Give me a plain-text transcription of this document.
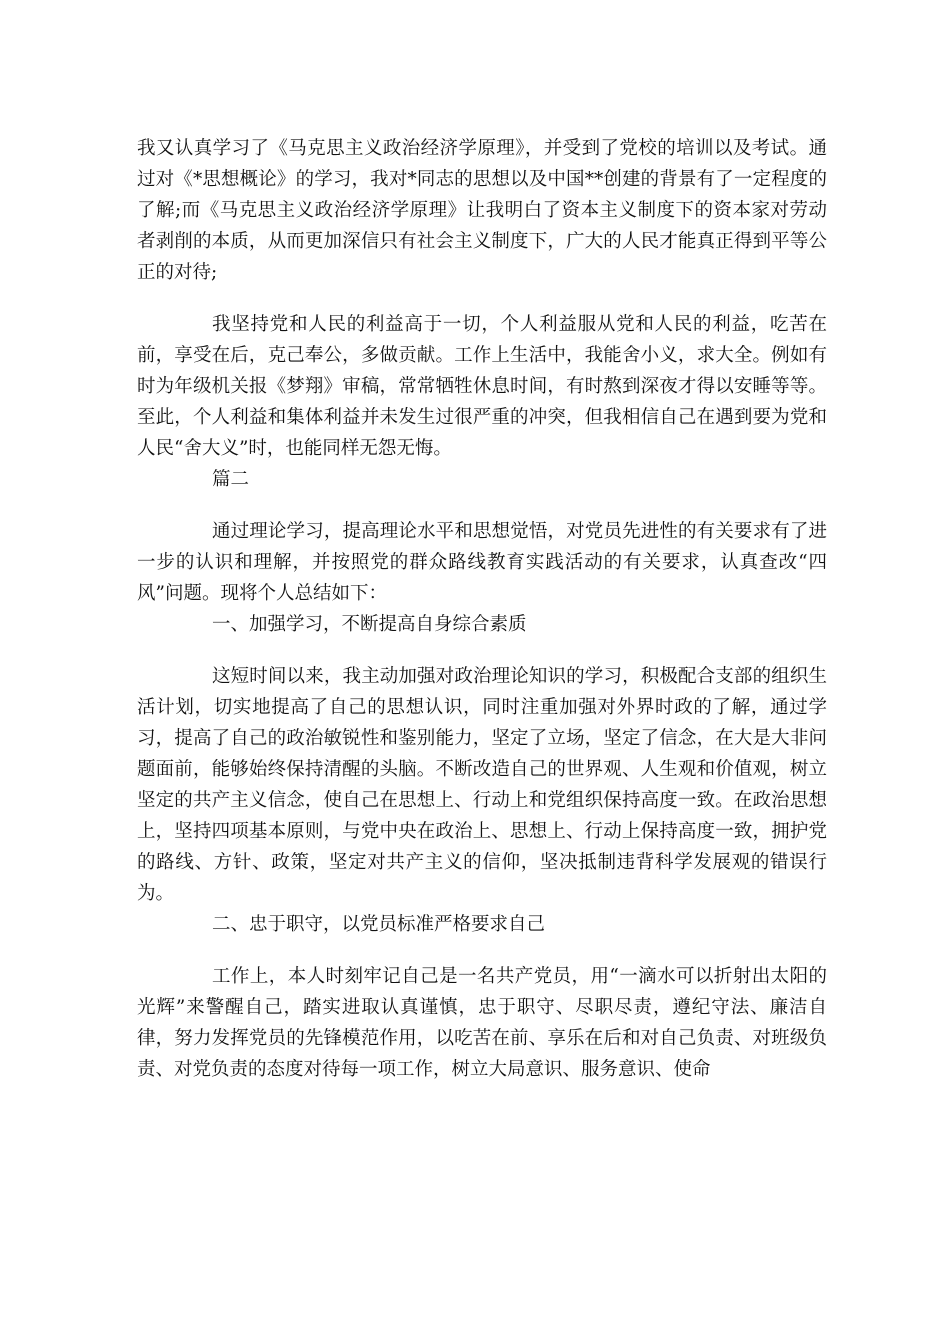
我又认真学习了《马克思主义政治经济学原理》，并受到了党校的培训以及考试。通过对《*思想概论》的学习，我对*同志的思想以及中国**创建的背景有了一定程度的了解;而《马克思主义政治经济学原理》让我明白了资本主义制度下的资本家对劳动者剥削的本质，从而更加深信只有社会主义制度下，广大的人民才能真正得到平等公正的对待;

我坚持党和人民的利益高于一切，个人利益服从党和人民的利益，吃苦在前，享受在后，克己奉公，多做贡献。工作上生活中，我能舍小义，求大全。例如有时为年级机关报《梦翔》审稿，常常牺牲休息时间，有时熬到深夜才得以安睡等等。至此，个人利益和集体利益并未发生过很严重的冲突，但我相信自己在遇到要为党和人民“舍大义”时，也能同样无怨无悔。

篇二

通过理论学习，提高理论水平和思想觉悟，对党员先进性的有关要求有了进一步的认识和理解，并按照党的群众路线教育实践活动的有关要求，认真查改“四风”问题。现将个人总结如下：

一、加强学习，不断提高自身综合素质

这短时间以来，我主动加强对政治理论知识的学习，积极配合支部的组织生活计划，切实地提高了自己的思想认识，同时注重加强对外界时政的了解，通过学习，提高了自己的政治敏锐性和鉴别能力，坚定了立场，坚定了信念，在大是大非问题面前，能够始终保持清醒的头脑。不断改造自己的世界观、人生观和价值观，树立坚定的共产主义信念，使自己在思想上、行动上和党组织保持高度一致。在政治思想上，坚持四项基本原则，与党中央在政治上、思想上、行动上保持高度一致，拥护党的路线、方针、政策，坚定对共产主义的信仰，坚决抵制违背科学发展观的错误行为。

二、忠于职守，以党员标准严格要求自己

工作上，本人时刻牢记自己是一名共产党员，用“一滴水可以折射出太阳的光辉”来警醒自己，踏实进取认真谨慎，忠于职守、尽职尽责，遵纪守法、廉洁自律，努力发挥党员的先锋模范作用，以吃苦在前、享乐在后和对自己负责、对班级负责、对党负责的态度对待每一项工作，树立大局意识、服务意识、使命
